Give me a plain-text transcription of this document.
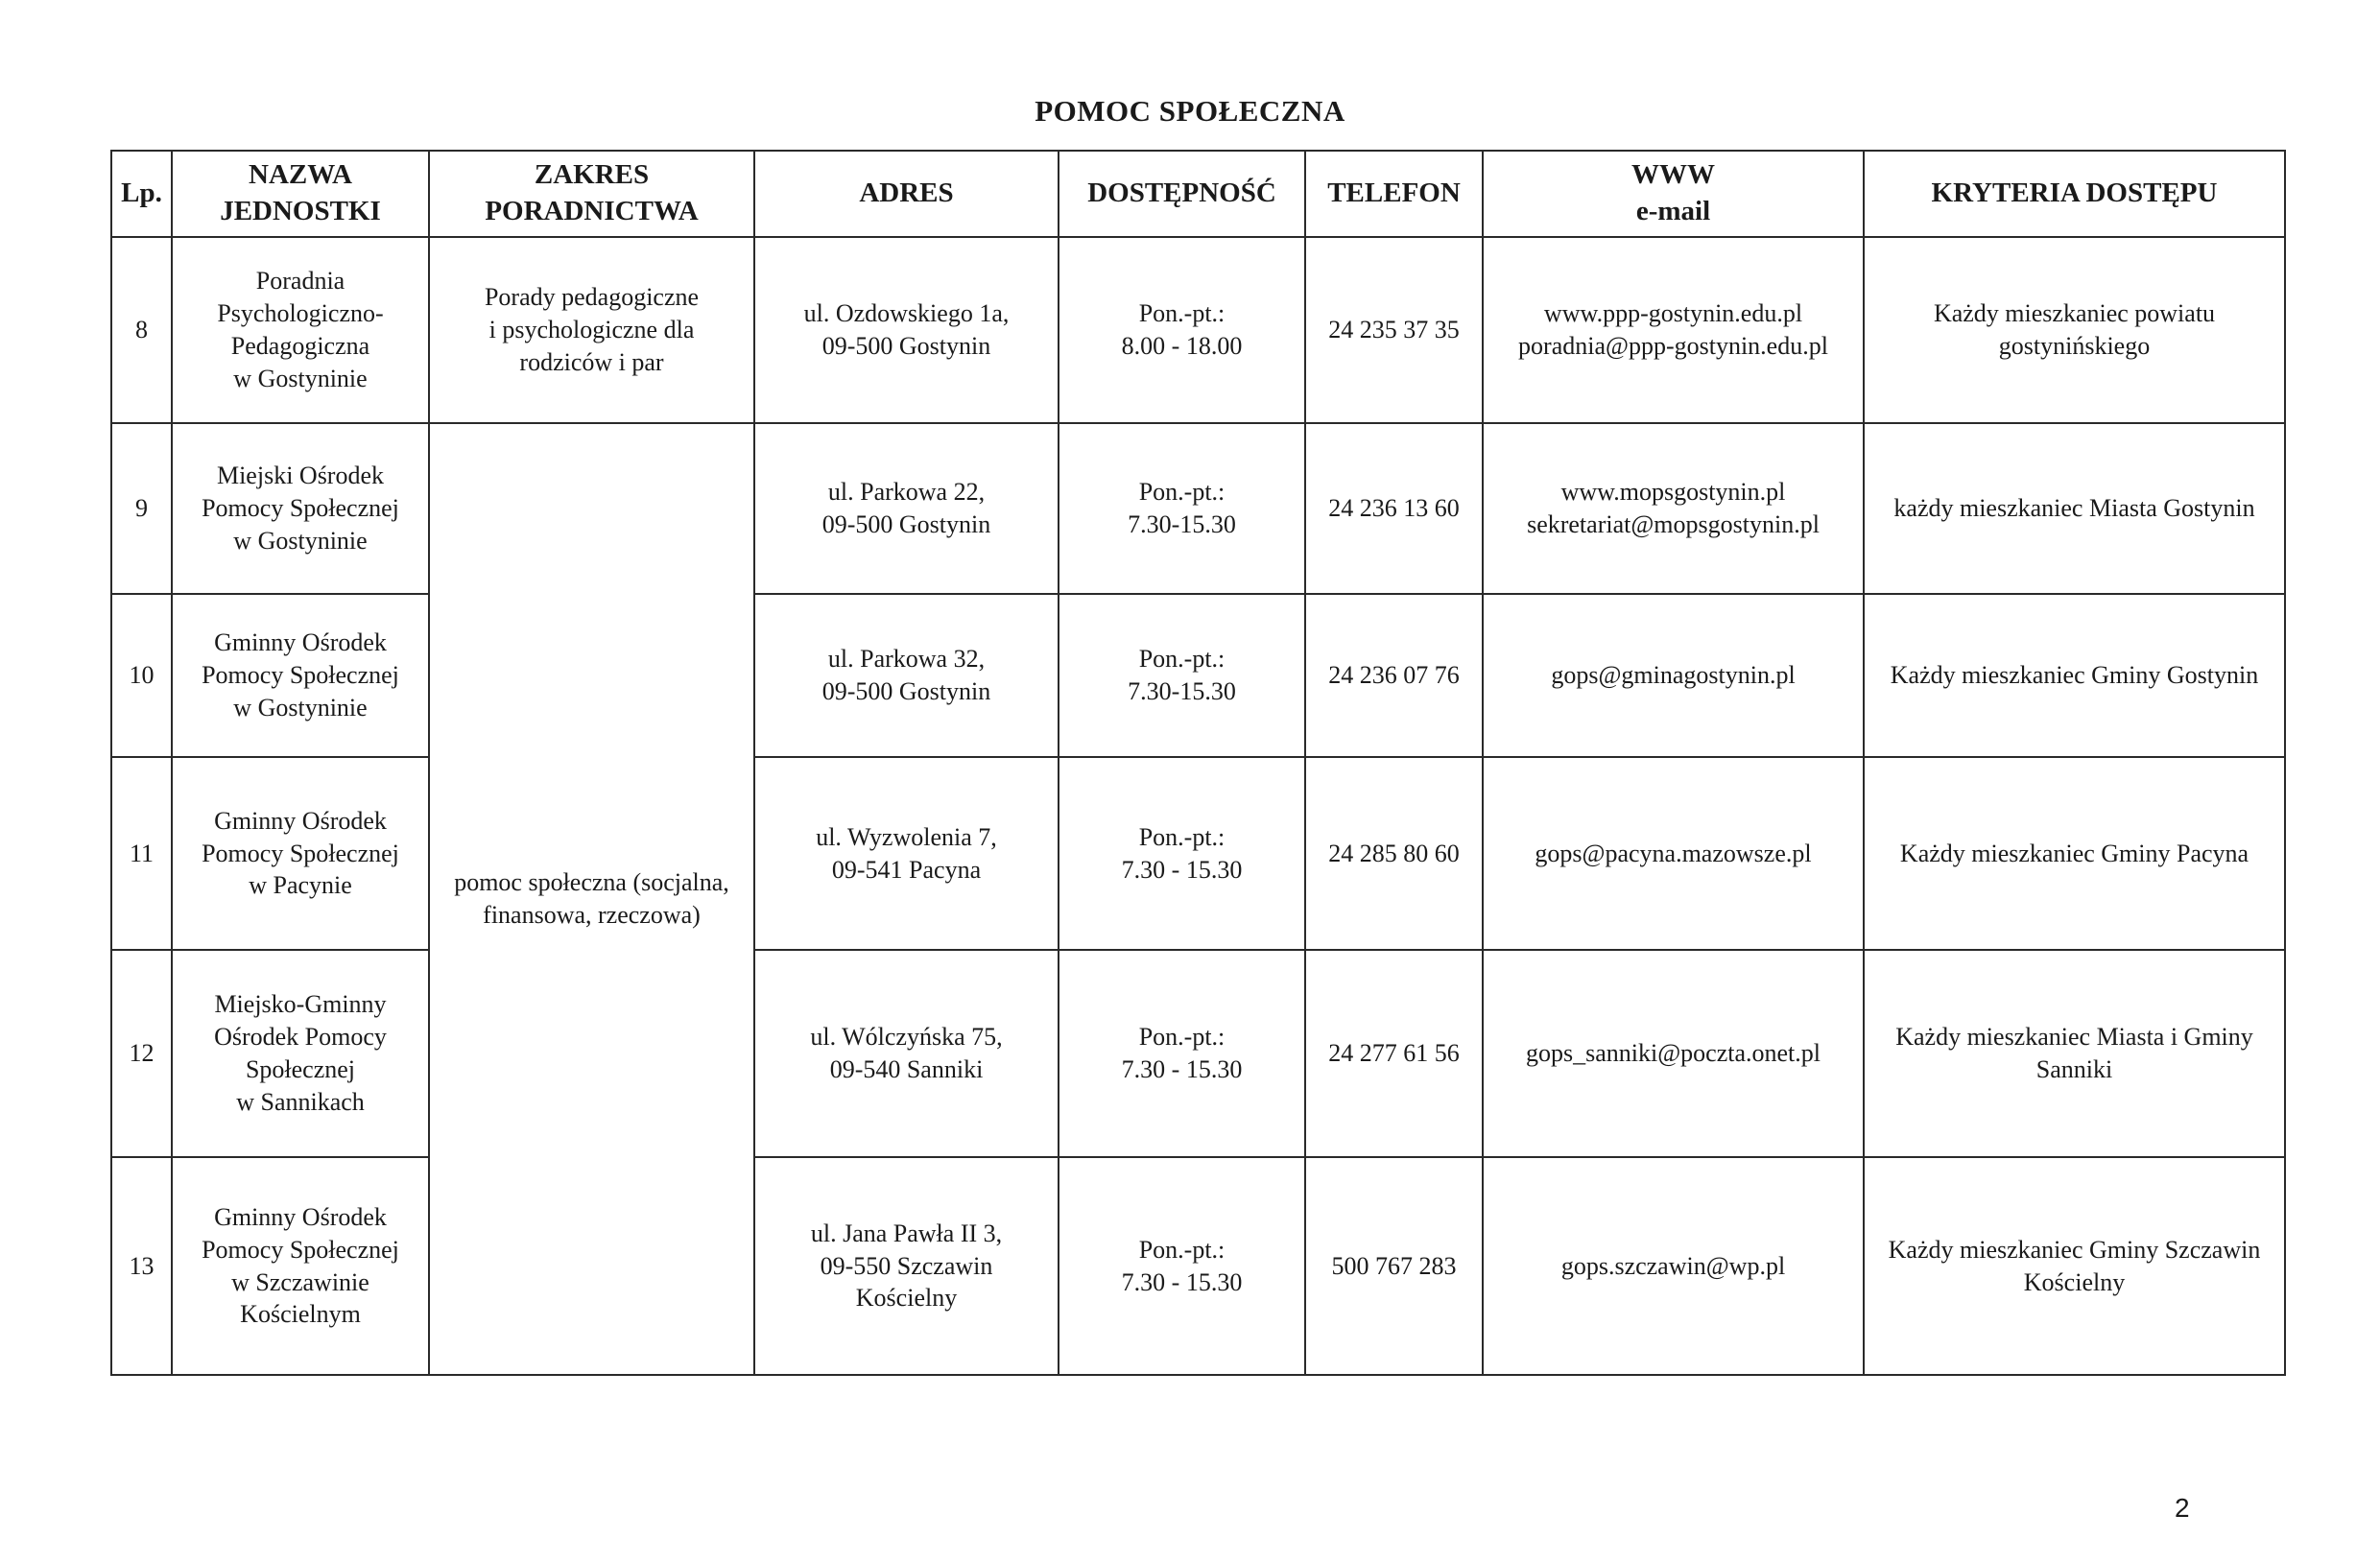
POMOC SPOŁECZNA
Lp.	NAZWA
JEDNOSTKI	ZAKRES
PORADNICTWA	ADRES	DOSTĘPNOŚĆ	TELEFON	WWW
e-mail	KRYTERIA DOSTĘPU
8	Poradnia
Psychologiczno-
Pedagogiczna
w Gostyninie	Porady pedagogiczne
i psychologiczne dla
rodziców i par	ul. Ozdowskiego 1a,
09-500 Gostynin	Pon.-pt.:
8.00 - 18.00	24 235 37 35	www.ppp-gostynin.edu.pl
poradnia@ppp-gostynin.edu.pl	Każdy mieszkaniec powiatu
gostynińskiego

9	Miejski Ośrodek
Pomocy Społecznej
w Gostyninie	pomoc społeczna (socjalna,
finansowa, rzeczowa)	ul. Parkowa 22,
09-500 Gostynin	Pon.-pt.:
7.30-15.30	24 236 13 60	www.mopsgostynin.pl
sekretariat@mopsgostynin.pl	każdy mieszkaniec Miasta Gostynin

10	Gminny Ośrodek
Pomocy Społecznej
w Gostyninie		ul. Parkowa 32,
09-500 Gostynin	Pon.-pt.:
7.30-15.30	24 236 07 76	gops@gminagostynin.pl	Każdy mieszkaniec Gminy Gostynin

11	Gminny Ośrodek
Pomocy Społecznej
w Pacynie		ul. Wyzwolenia 7,
09-541 Pacyna	Pon.-pt.:
7.30 - 15.30	24 285 80 60	gops@pacyna.mazowsze.pl	Każdy mieszkaniec Gminy Pacyna

12	Miejsko-Gminny
Ośrodek Pomocy
Społecznej
w Sannikach		ul. Wólczyńska 75,
09-540 Sanniki	Pon.-pt.:
7.30 - 15.30	24 277 61 56	gops_sanniki@poczta.onet.pl	Każdy mieszkaniec Miasta i Gminy
Sanniki

13	Gminny Ośrodek
Pomocy Społecznej
w Szczawinie
Kościelnym		ul. Jana Pawła II 3,
09-550 Szczawin
Kościelny	Pon.-pt.:
7.30 - 15.30	500 767 283	gops.szczawin@wp.pl	Każdy mieszkaniec Gminy Szczawin
Kościelny
2
